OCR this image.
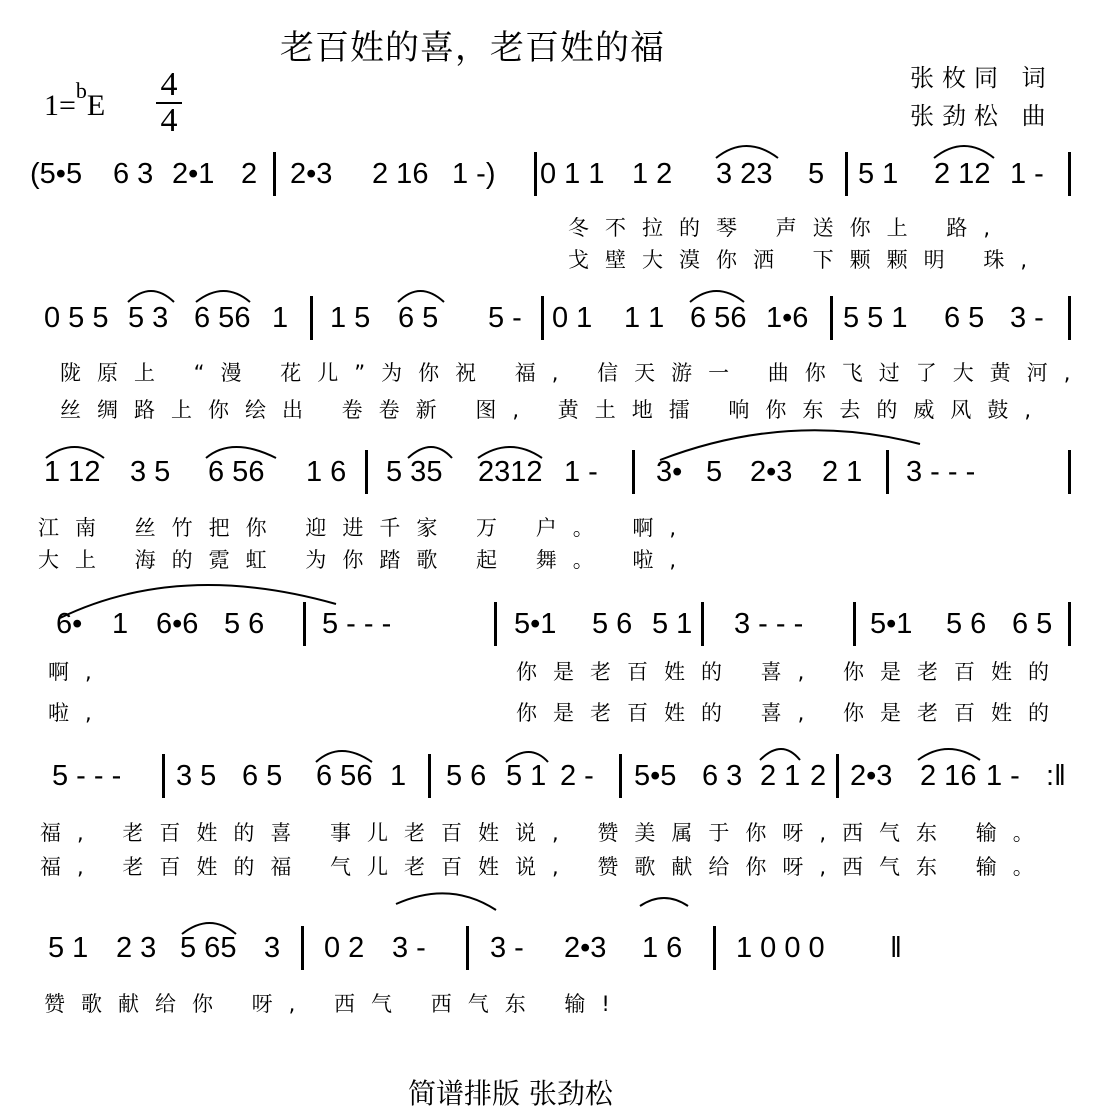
老百姓的喜，老百姓的福
张枚同 词
张劲松 曲
1=$^b$E
4
4
(5•5 6 3 2•1 2 2•3 2 16 1 -) 0 1 1 1 2 3 23 5 5 1 2 12 1 -
冬不拉的琴 声送你上 路,
戈壁大漠你洒 下颗颗明 珠,
0 5 5 5 3 6 56 1 1 5 6 5 5 - 0 1 1 1 6 56 1•6 5 5 1 6 5 3 -
陇原上 “漫 花儿”为你祝 福, 信天游一 曲你飞过了大黄河,
丝绸路上你绘出 卷卷新 图, 黄土地擂 响你东去的威风鼓,
1 12 3 5 6 56 1 6 5 35 2312 1 - 3• 5 2•3 2 1 3 - - -
江南 丝竹把你 迎进千家 万 户。 啊,
大上 海的霓虹 为你踏歌 起 舞。 啦,
6• 1 6•6 5 6 5 - - -	5•1 5 6 5 1 3 - - - 5•1 5 6 6 5
啊,	你是老百姓的 喜, 你是老百姓的
啦,	你是老百姓的 喜, 你是老百姓的
5 - - - 3 5 6 5 6 56 1 5 6 5 1 2 - 5•5 6 3 2 1 2 2•3 2 16 1 - :‖
福, 老百姓的喜 事儿老百姓说, 赞美属于你呀,西气东 输。
福, 老百姓的福 气儿老百姓说, 赞歌献给你呀,西气东 输。
5 1 2 3 5 65 3 0 2 3 - 3 - 2•3 1 6 1 0 0 0 ‖
赞歌献给你 呀, 西气 西气东 输!
简谱排版 张劲松
